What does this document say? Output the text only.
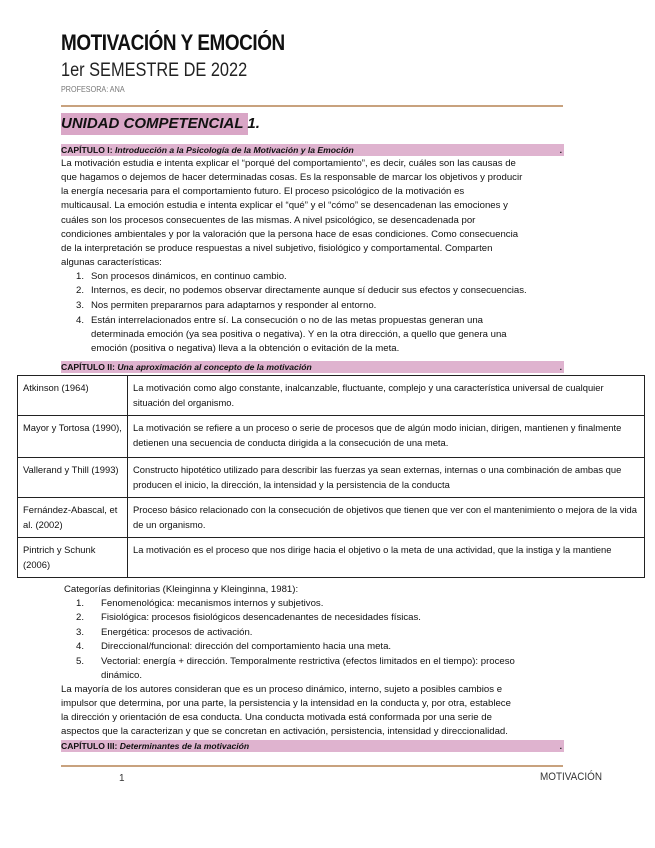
MOTIVACIÓN Y EMOCIÓN
1er SEMESTRE DE 2022
PROFESORA: ANA
UNIDAD COMPETENCIAL 1.
CAPÍTULO I: Introducción a la Psicología de la Motivación y la Emoción	.
La motivación estudia e intenta explicar el “porqué del comportamiento”, es decir, cuáles son las causas de
que hagamos o dejemos de hacer determinadas cosas. Es la responsable de marcar los objetivos y producir
la energía necesaria para el comportamiento futuro. El proceso psicológico de la motivación es
multicausal. La emoción estudia e intenta explicar el “qué” y el “cómo” se desencadenan las emociones y
cuáles son los procesos consecuentes de las mismas. A nivel psicológico, se desencadenada por
condiciones ambientales y por la valoración que la persona hace de esas condiciones. Como consecuencia
de la interpretación se produce respuestas a nivel subjetivo, fisiológico y comportamental. Comparten
algunas características:
1. Son procesos dinámicos, en continuo cambio.
2. Internos, es decir, no podemos observar directamente aunque sí deducir sus efectos y consecuencias.
3. Nos permiten prepararnos para adaptarnos y responder al entorno.
4. Están interrelacionados entre sí. La consecución o no de las metas propuestas generan una
determinada emoción (ya sea positiva o negativa). Y en la otra dirección, a quello que genera una
emoción (positiva o negativa) lleva a la obtención o evitación de la meta.
CAPÍTULO II: Una aproximación al concepto de la motivación	.
Atkinson (1964)	La motivación como algo constante, inalcanzable, fluctuante, complejo y una característica universal de cualquier situación del organismo.
Mayor y Tortosa (1990),	La motivación se refiere a un proceso o serie de procesos que de algún modo inician, dirigen, mantienen y finalmente detienen una secuencia de conducta dirigida a la consecución de una meta.
Vallerand y Thill (1993)	Constructo hipotético utilizado para describir las fuerzas ya sean externas, internas o una combinación de ambas que producen el inicio, la dirección, la intensidad y la persistencia de la conducta
Fernández-Abascal, et al. (2002)	Proceso básico relacionado con la consecución de objetivos que tienen que ver con el mantenimiento o mejora de la vida de un organismo.
Pintrich y Schunk (2006)	La motivación es el proceso que nos dirige hacia el objetivo o la meta de una actividad, que la instiga y la mantiene
Categorías definitorias (Kleinginna y Kleinginna, 1981):
1. Fenomenológica: mecanismos internos y subjetivos.
2. Fisiológica: procesos fisiológicos desencadenantes de necesidades físicas.
3. Energética: procesos de activación.
4. Direccional/funcional: dirección del comportamiento hacia una meta.
5. Vectorial: energía + dirección. Temporalmente restrictiva (efectos limitados en el tiempo): proceso
dinámico.
La mayoría de los autores consideran que es un proceso dinámico, interno, sujeto a posibles cambios e
impulsor que determina, por una parte, la persistencia y la intensidad en la conducta y, por otra, establece
la dirección y orientación de esa conducta. Una conducta motivada está conformada por una serie de
aspectos que la caracterizan y que se concretan en activación, persistencia, intensidad y direccionalidad.
CAPÍTULO III: Determinantes de la motivación	.
1	MOTIVACIÓN
